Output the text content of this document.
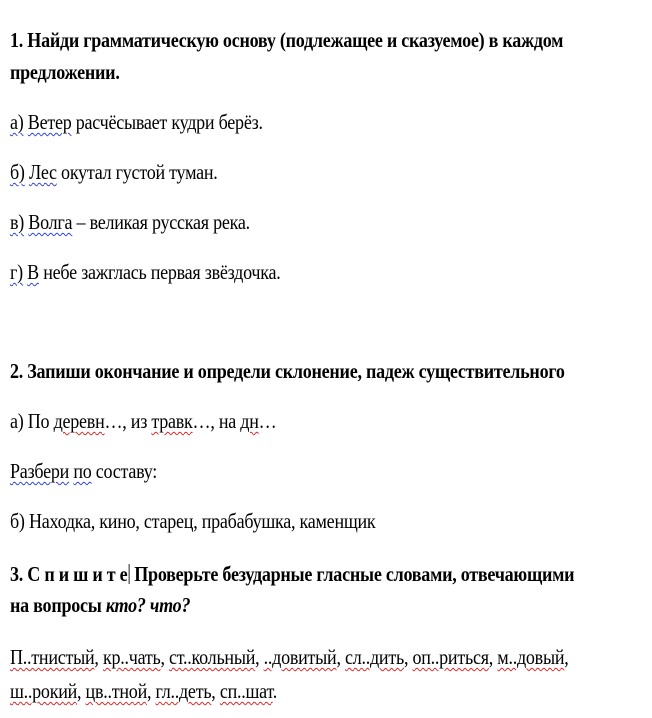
1. Найди грамматическую основу (подлежащее и сказуемое) в каждом
предложении.
а) Ветер расчёсывает кудри берёз.
б) Лес окутал густой туман.
в) Волга – великая русская река.
г) В небе зажглась первая звёздочка.
2. Запиши окончание и определи склонение, падеж существительного
а) По деревн…, из травк…, на дн…
Разбери по составу:
б) Находка, кино, старец, прабабушка, каменщик
3. С п и ш и т е Проверьте безударные гласные словами, отвечающими
на вопросы кто? что?
П..тнистый, кр..чать, ст..кольный, ..довитый, сл..дить, оп..риться, м..довый,
ш..рокий, цв..тной, гл..деть, сп..шат.
